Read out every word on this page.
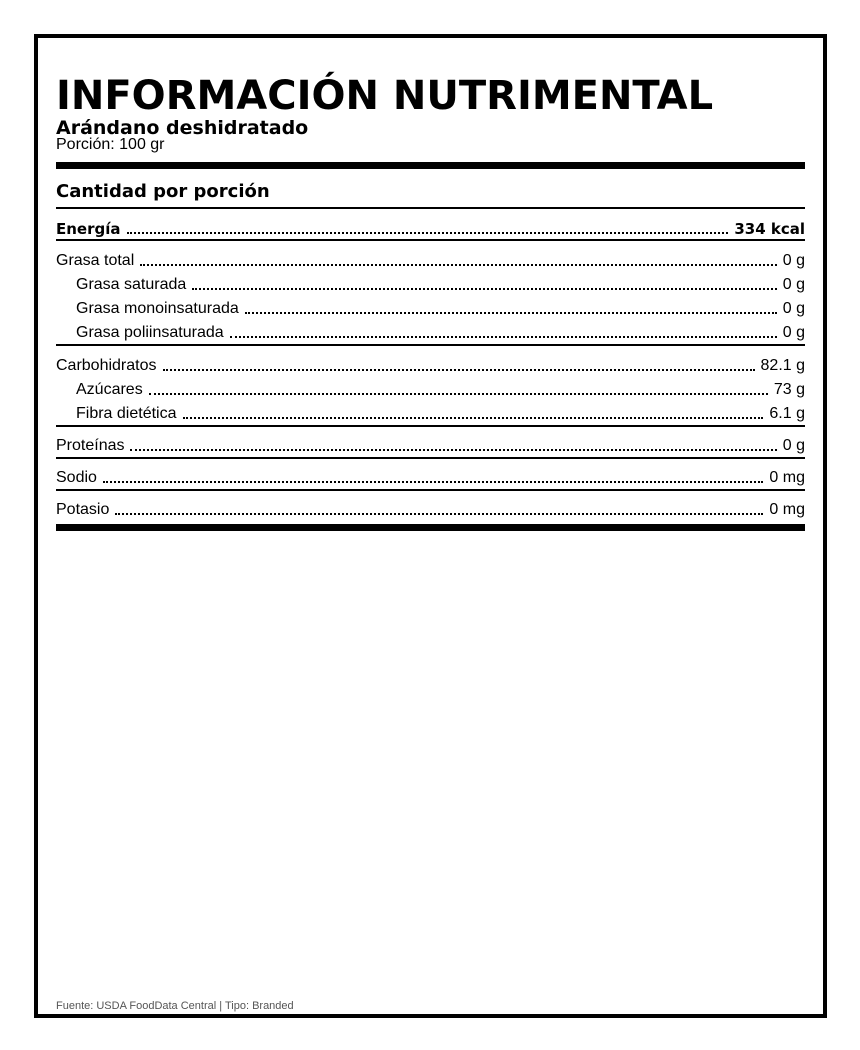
INFORMACIÓN NUTRIMENTAL
Arándano deshidratado
Porción: 100 gr
Cantidad por porción
Energía	334 kcal
Grasa total	0 g
Grasa saturada	0 g
Grasa monoinsaturada	0 g
Grasa poliinsaturada	0 g
Carbohidratos	82.1 g
Azúcares	73 g
Fibra dietética	6.1 g
Proteínas	0 g
Sodio	0 mg
Potasio	0 mg
Fuente: USDA FoodData Central | Tipo: Branded
